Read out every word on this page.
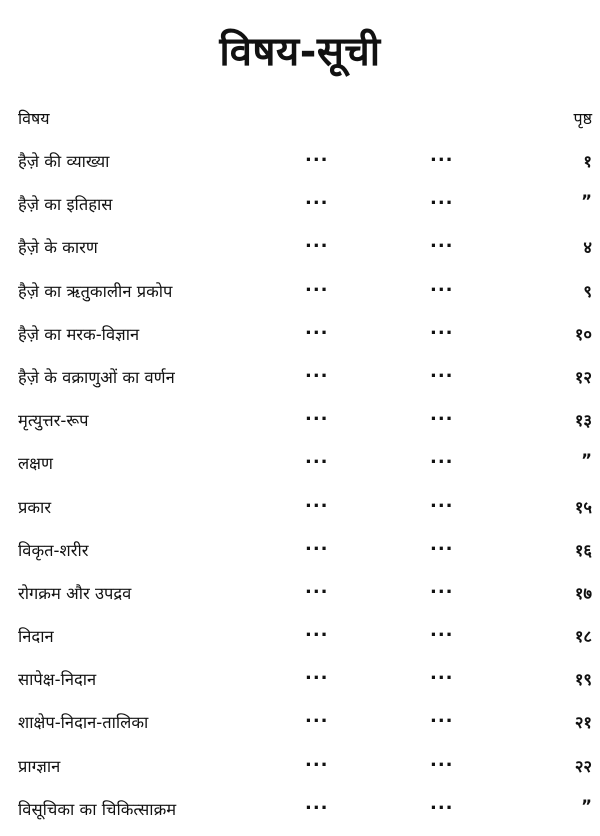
विषय-सूची
विषय	पृष्ठ
हैज़े की व्याख्या	...	...	१
हैज़े का इतिहास	...	...	”
हैज़े के कारण	...	...	४
हैज़े का ऋतुकालीन प्रकोप	...	...	९
हैज़े का मरक-विज्ञान	...	...	१०
हैज़े के वक्राणुओं का वर्णन	...	...	१२
मृत्युत्तर-रूप	...	...	१३
लक्षण	...	...	”
प्रकार	...	...	१५
विकृत-शरीर	...	...	१६
रोगक्रम और उपद्रव	...	...	१७
निदान	...	...	१८
सापेक्ष-निदान	...	...	१९
शाक्षेप-निदान-तालिका	...	...	२१
प्राग्ज्ञान	...	...	२२
विसूचिका का चिकित्साक्रम	...	...	”
